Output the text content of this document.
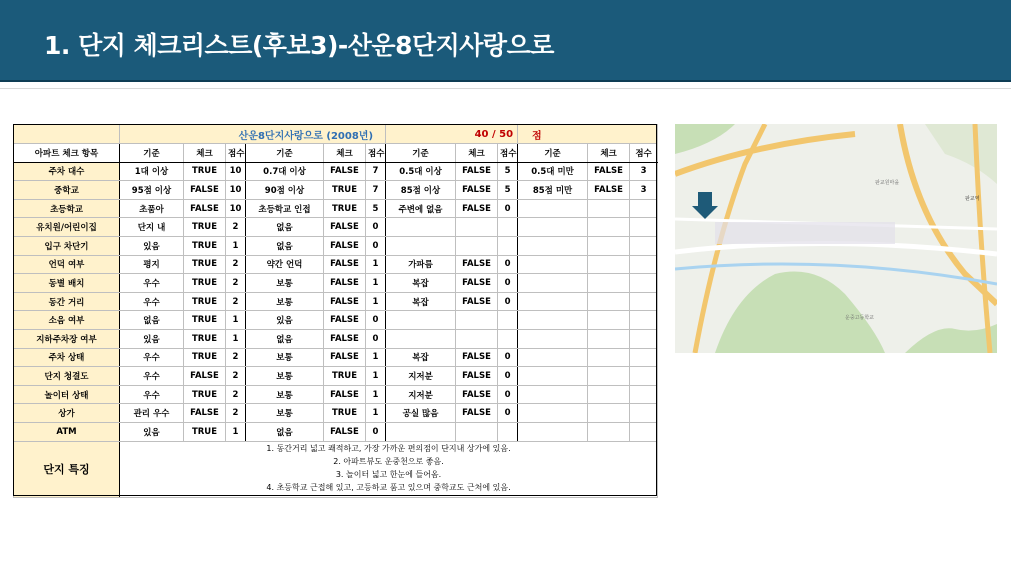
1. 단지 체크리스트(후보3)-산운8단지사랑으로
	산운8단지사랑으로 (2008년)						40 / 50			점		
아파트 체크 항목	기준	체크	점수	기준	체크	점수	기준	체크	점수	기준	체크	점수
주차 대수	1대 이상	TRUE	10	0.7대 이상	FALSE	7	0.5대 이상	FALSE	5	0.5대 미만	FALSE	3
중학교	95점 이상	FALSE	10	90점 이상	TRUE	7	85점 이상	FALSE	5	85점 미만	FALSE	3
초등학교	초품아	FALSE	10	초등학교 인접	TRUE	5	주변에 없음	FALSE	0			
유치원/어린이집	단지 내	TRUE	2	없음	FALSE	0						
입구 차단기	있음	TRUE	1	없음	FALSE	0						
언덕 여부	평지	TRUE	2	약간 언덕	FALSE	1	가파름	FALSE	0			
동별 배치	우수	TRUE	2	보통	FALSE	1	복잡	FALSE	0			
동간 거리	우수	TRUE	2	보통	FALSE	1	복잡	FALSE	0			
소음 여부	없음	TRUE	1	있음	FALSE	0						
지하주차장 여부	있음	TRUE	1	없음	FALSE	0						
주차 상태	우수	TRUE	2	보통	FALSE	1	복잡	FALSE	0			
단지 청결도	우수	FALSE	2	보통	TRUE	1	지저분	FALSE	0			
놀이터 상태	우수	TRUE	2	보통	FALSE	1	지저분	FALSE	0			
상가	관리 우수	FALSE	2	보통	TRUE	1	공실 많음	FALSE	0			
ATM	있음	TRUE	1	없음	FALSE	0						
단지 특징	1. 동간거리 넓고 쾌적하고, 가장 가까운 편의점이 단지내 상가에 있음.
2. 아파트뷰도 운중천으로 좋음.
3. 놀이터 넓고 한눈에 들어옴.
4. 초등학교 근접해 있고, 고등하교 품고 있으며 중학교도 근처에 있음.											
판교원마을
운중고등학교
판교역
